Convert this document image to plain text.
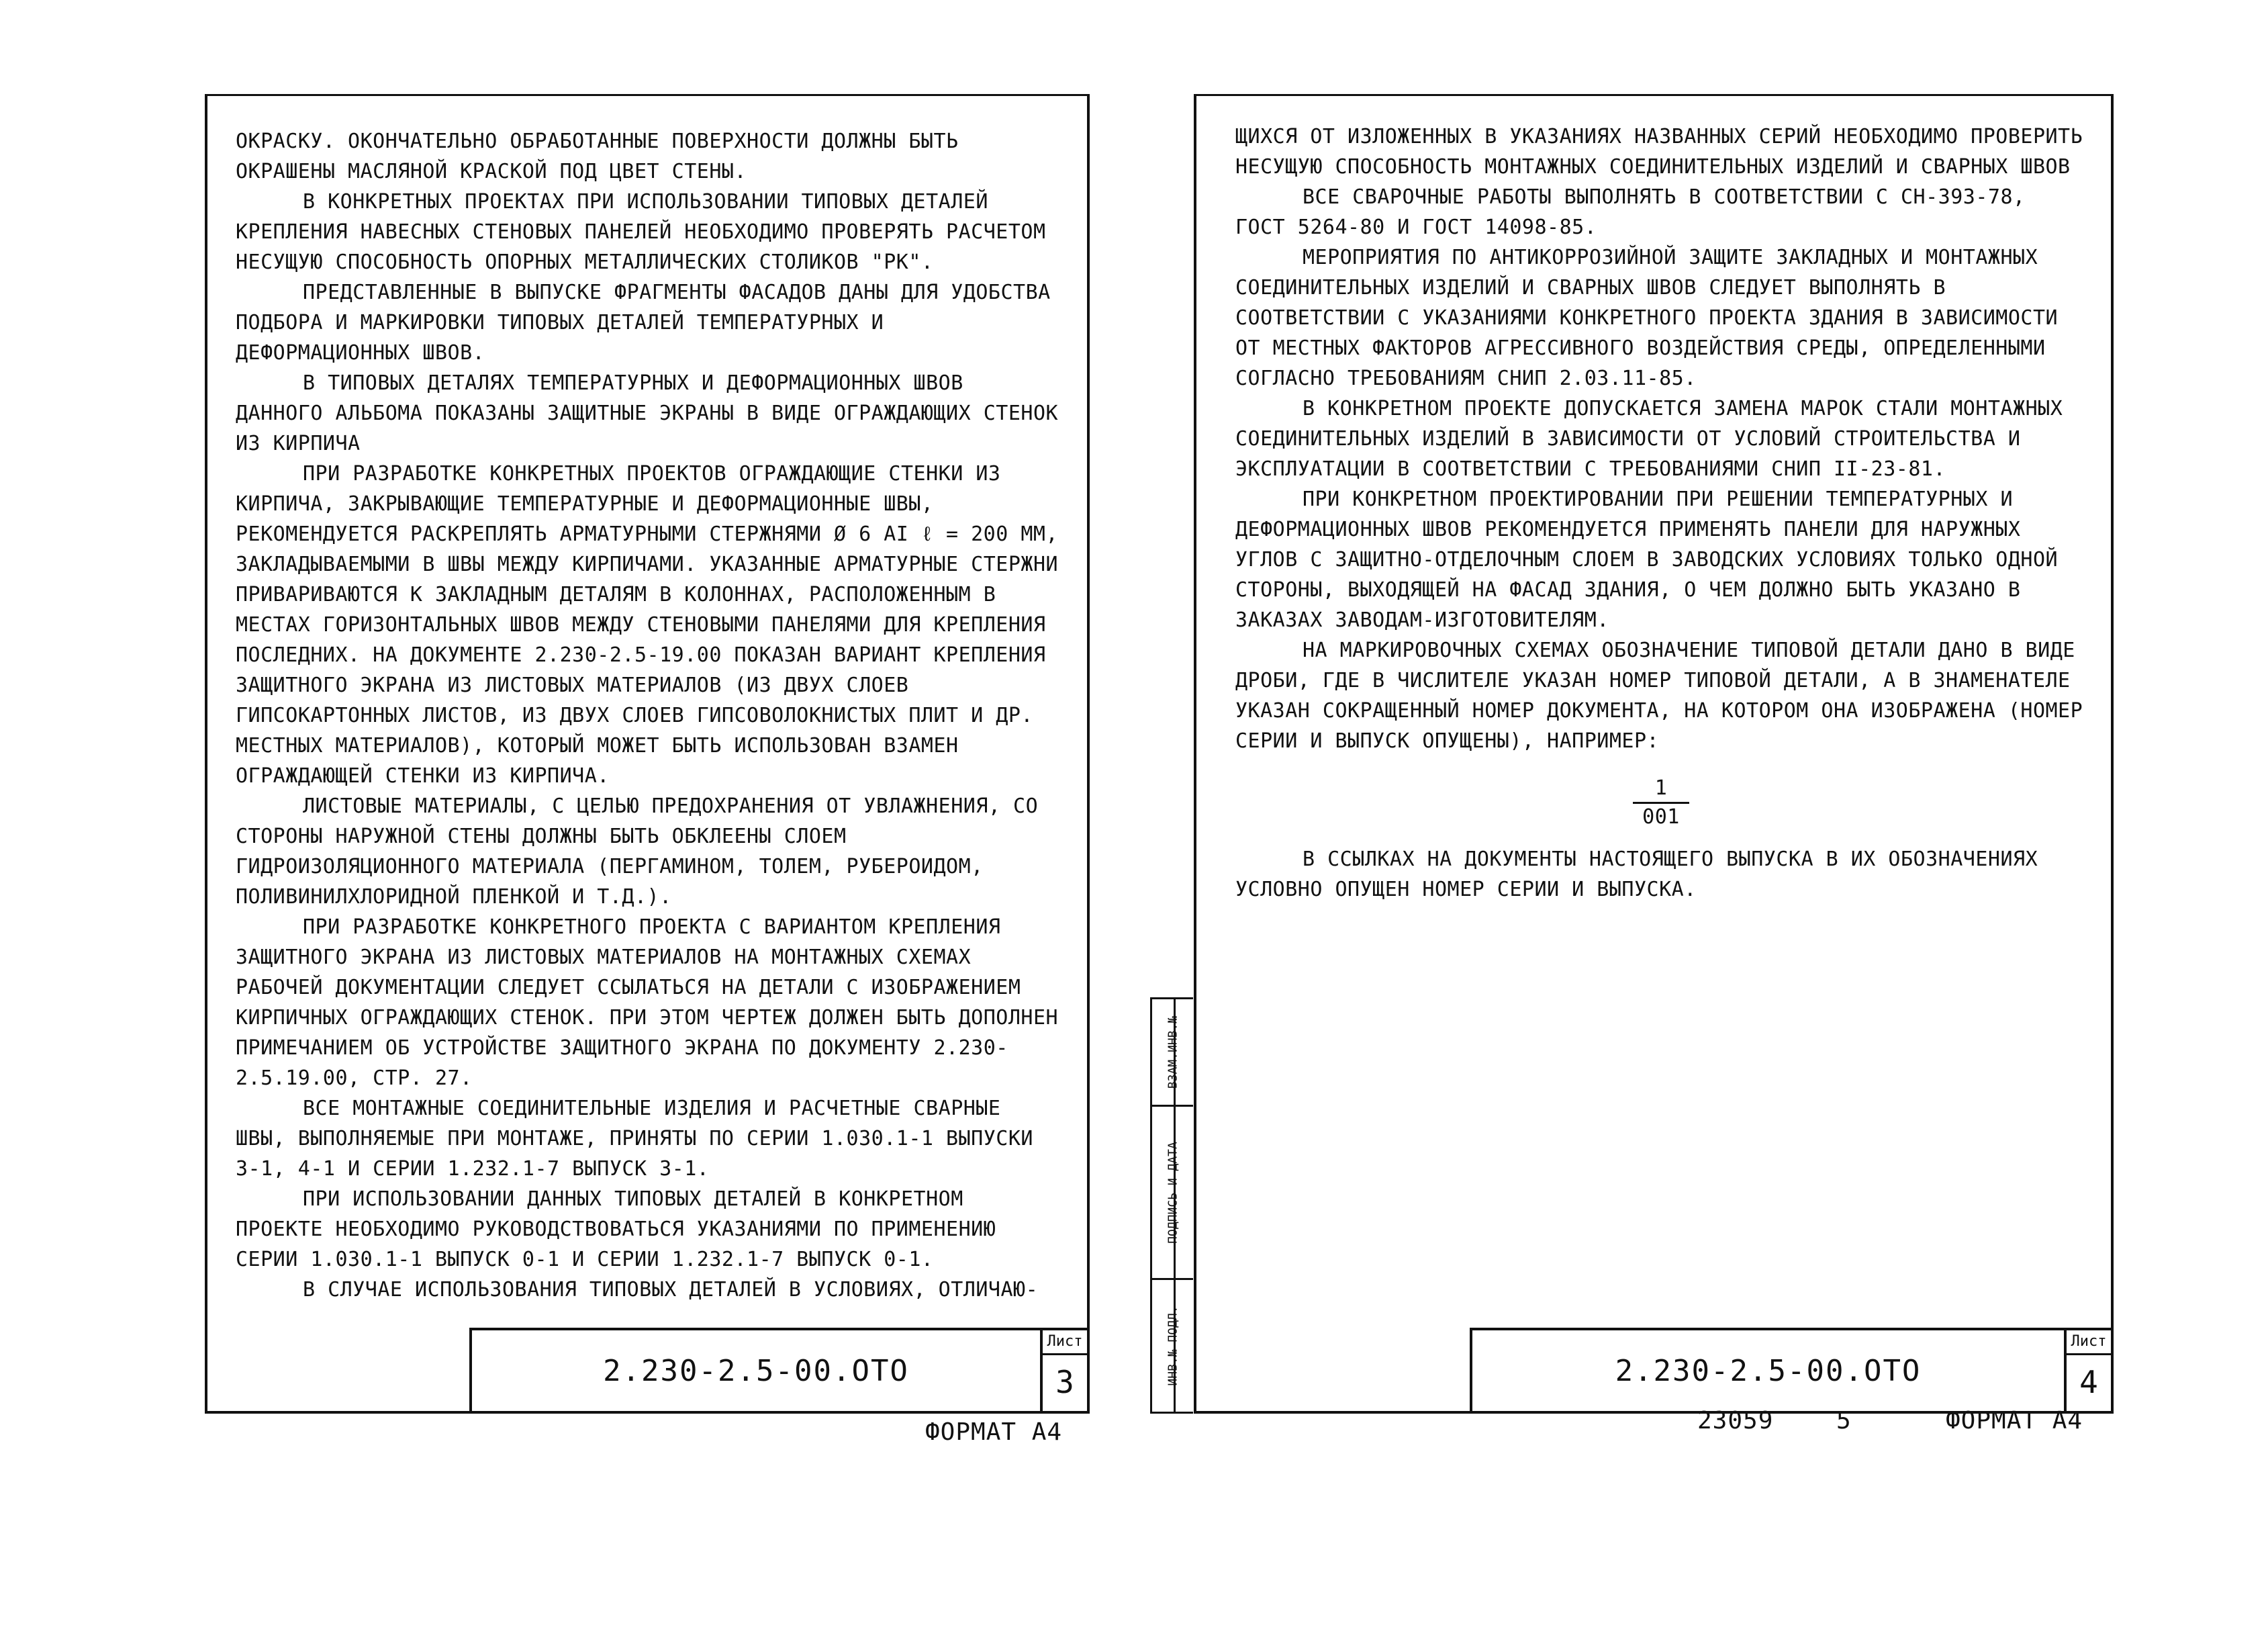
ОКРАСКУ. ОКОНЧАТЕЛЬНО ОБРАБОТАННЫЕ ПОВЕРХНОСТИ ДОЛЖНЫ БЫТЬ ОКРАШЕНЫ МАСЛЯНОЙ КРАСКОЙ ПОД ЦВЕТ СТЕНЫ.

В КОНКРЕТНЫХ ПРОЕКТАХ ПРИ ИСПОЛЬЗОВАНИИ ТИПОВЫХ ДЕТАЛЕЙ КРЕПЛЕНИЯ НАВЕСНЫХ СТЕНОВЫХ ПАНЕЛЕЙ НЕОБХОДИМО ПРОВЕРЯТЬ РАСЧЕТОМ НЕСУЩУЮ СПОСОБНОСТЬ ОПОРНЫХ МЕТАЛЛИЧЕСКИХ СТОЛИКОВ "РК".

ПРЕДСТАВЛЕННЫЕ В ВЫПУСКЕ ФРАГМЕНТЫ ФАСАДОВ ДАНЫ ДЛЯ УДОБСТВА ПОДБОРА И МАРКИРОВКИ ТИПОВЫХ ДЕТАЛЕЙ ТЕМПЕРАТУРНЫХ И ДЕФОРМАЦИОННЫХ ШВОВ.

В ТИПОВЫХ ДЕТАЛЯХ ТЕМПЕРАТУРНЫХ И ДЕФОРМАЦИОННЫХ ШВОВ ДАННОГО АЛЬБОМА ПОКАЗАНЫ ЗАЩИТНЫЕ ЭКРАНЫ В ВИДЕ ОГРАЖДАЮЩИХ СТЕНОК ИЗ КИРПИЧА

ПРИ РАЗРАБОТКЕ КОНКРЕТНЫХ ПРОЕКТОВ ОГРАЖДАЮЩИЕ СТЕНКИ ИЗ КИРПИЧА, ЗАКРЫВАЮЩИЕ ТЕМПЕРАТУРНЫЕ И ДЕФОРМАЦИОННЫЕ ШВЫ, РЕКОМЕНДУЕТСЯ РАСКРЕПЛЯТЬ АРМАТУРНЫМИ СТЕРЖНЯМИ Ø 6 AI ℓ = 200 ММ, ЗАКЛАДЫВАЕМЫМИ В ШВЫ МЕЖДУ КИРПИЧАМИ. УКАЗАННЫЕ АРМАТУРНЫЕ СТЕРЖНИ ПРИВАРИВАЮТСЯ К ЗАКЛАДНЫМ ДЕТАЛЯМ В КОЛОННАХ, РАСПОЛОЖЕННЫМ В МЕСТАХ ГОРИЗОНТАЛЬНЫХ ШВОВ МЕЖДУ СТЕНОВЫМИ ПАНЕЛЯМИ ДЛЯ КРЕПЛЕНИЯ ПОСЛЕДНИХ. НА ДОКУМЕНТЕ 2.230-2.5-19.00 ПОКАЗАН ВАРИАНТ КРЕПЛЕНИЯ ЗАЩИТНОГО ЭКРАНА ИЗ ЛИСТОВЫХ МАТЕРИАЛОВ (ИЗ ДВУХ СЛОЕВ ГИПСОКАРТОННЫХ ЛИСТОВ, ИЗ ДВУХ СЛОЕВ ГИПСОВОЛОКНИСТЫХ ПЛИТ И ДР. МЕСТНЫХ МАТЕРИАЛОВ), КОТОРЫЙ МОЖЕТ БЫТЬ ИСПОЛЬЗОВАН ВЗАМЕН ОГРАЖДАЮЩЕЙ СТЕНКИ ИЗ КИРПИЧА.

ЛИСТОВЫЕ МАТЕРИАЛЫ, С ЦЕЛЬЮ ПРЕДОХРАНЕНИЯ ОТ УВЛАЖНЕНИЯ, СО СТОРОНЫ НАРУЖНОЙ СТЕНЫ ДОЛЖНЫ БЫТЬ ОБКЛЕЕНЫ СЛОЕМ ГИДРОИЗОЛЯЦИОННОГО МАТЕРИАЛА (ПЕРГАМИНОМ, ТОЛЕМ, РУБЕРОИДОМ, ПОЛИВИНИЛХЛОРИДНОЙ ПЛЕНКОЙ И Т.Д.).

ПРИ РАЗРАБОТКЕ КОНКРЕТНОГО ПРОЕКТА С ВАРИАНТОМ КРЕПЛЕНИЯ ЗАЩИТНОГО ЭКРАНА ИЗ ЛИСТОВЫХ МАТЕРИАЛОВ НА МОНТАЖНЫХ СХЕМАХ РАБОЧЕЙ ДОКУМЕНТАЦИИ СЛЕДУЕТ ССЫЛАТЬСЯ НА ДЕТАЛИ С ИЗОБРАЖЕНИЕМ КИРПИЧНЫХ ОГРАЖДАЮЩИХ СТЕНОК. ПРИ ЭТОМ ЧЕРТЕЖ ДОЛЖЕН БЫТЬ ДОПОЛНЕН ПРИМЕЧАНИЕМ ОБ УСТРОЙСТВЕ ЗАЩИТНОГО ЭКРАНА ПО ДОКУМЕНТУ 2.230-2.5.19.00, СТР. 27.

ВСЕ МОНТАЖНЫЕ СОЕДИНИТЕЛЬНЫЕ ИЗДЕЛИЯ И РАСЧЕТНЫЕ СВАРНЫЕ ШВЫ, ВЫПОЛНЯЕМЫЕ ПРИ МОНТАЖЕ, ПРИНЯТЫ ПО СЕРИИ 1.030.1-1 ВЫПУСКИ 3-1, 4-1 И СЕРИИ 1.232.1-7 ВЫПУСК 3-1.

ПРИ ИСПОЛЬЗОВАНИИ ДАННЫХ ТИПОВЫХ ДЕТАЛЕЙ В КОНКРЕТНОМ ПРОЕКТЕ НЕОБХОДИМО РУКОВОДСТВОВАТЬСЯ УКАЗАНИЯМИ ПО ПРИМЕНЕНИЮ СЕРИИ 1.030.1-1 ВЫПУСК 0-1 И СЕРИИ 1.232.1-7 ВЫПУСК 0-1.

В СЛУЧАЕ ИСПОЛЬЗОВАНИЯ ТИПОВЫХ ДЕТАЛЕЙ В УСЛОВИЯХ, ОТЛИЧАЮ-

2.230-2.5-00.ОТО
Лист
3
ФОРМАТ А4
ВЗАМ.ИНВ.№
ПОДПИСЬ И ДАТА
ИНВ.№ ПОДЛ.

ЩИХСЯ ОТ ИЗЛОЖЕННЫХ В УКАЗАНИЯХ НАЗВАННЫХ СЕРИЙ НЕОБХОДИМО ПРОВЕРИТЬ НЕСУЩУЮ СПОСОБНОСТЬ МОНТАЖНЫХ СОЕДИНИТЕЛЬНЫХ ИЗДЕЛИЙ И СВАРНЫХ ШВОВ

ВСЕ СВАРОЧНЫЕ РАБОТЫ ВЫПОЛНЯТЬ В СООТВЕТСТВИИ С СН-393-78, ГОСТ 5264-80 И ГОСТ 14098-85.

МЕРОПРИЯТИЯ ПО АНТИКОРРОЗИЙНОЙ ЗАЩИТЕ ЗАКЛАДНЫХ И МОНТАЖНЫХ СОЕДИНИТЕЛЬНЫХ ИЗДЕЛИЙ И СВАРНЫХ ШВОВ СЛЕДУЕТ ВЫПОЛНЯТЬ В СООТВЕТСТВИИ С УКАЗАНИЯМИ КОНКРЕТНОГО ПРОЕКТА ЗДАНИЯ В ЗАВИСИМОСТИ ОТ МЕСТНЫХ ФАКТОРОВ АГРЕССИВНОГО ВОЗДЕЙСТВИЯ СРЕДЫ, ОПРЕДЕЛЕННЫМИ СОГЛАСНО ТРЕБОВАНИЯМ СНИП 2.03.11-85.

В КОНКРЕТНОМ ПРОЕКТЕ ДОПУСКАЕТСЯ ЗАМЕНА МАРОК СТАЛИ МОНТАЖНЫХ СОЕДИНИТЕЛЬНЫХ ИЗДЕЛИЙ В ЗАВИСИМОСТИ ОТ УСЛОВИЙ СТРОИТЕЛЬСТВА И ЭКСПЛУАТАЦИИ В СООТВЕТСТВИИ С ТРЕБОВАНИЯМИ СНИП II-23-81.

ПРИ КОНКРЕТНОМ ПРОЕКТИРОВАНИИ ПРИ РЕШЕНИИ ТЕМПЕРАТУРНЫХ И ДЕФОРМАЦИОННЫХ ШВОВ РЕКОМЕНДУЕТСЯ ПРИМЕНЯТЬ ПАНЕЛИ ДЛЯ НАРУЖНЫХ УГЛОВ С ЗАЩИТНО-ОТДЕЛОЧНЫМ СЛОЕМ В ЗАВОДСКИХ УСЛОВИЯХ ТОЛЬКО ОДНОЙ СТОРОНЫ, ВЫХОДЯЩЕЙ НА ФАСАД ЗДАНИЯ, О ЧЕМ ДОЛЖНО БЫТЬ УКАЗАНО В ЗАКАЗАХ ЗАВОДАМ-ИЗГОТОВИТЕЛЯМ.

НА МАРКИРОВОЧНЫХ СХЕМАХ ОБОЗНАЧЕНИЕ ТИПОВОЙ ДЕТАЛИ ДАНО В ВИДЕ ДРОБИ, ГДЕ В ЧИСЛИТЕЛЕ УКАЗАН НОМЕР ТИПОВОЙ ДЕТАЛИ, А В ЗНАМЕНАТЕЛЕ УКАЗАН СОКРАЩЕННЫЙ НОМЕР ДОКУМЕНТА, НА КОТОРОМ ОНА ИЗОБРАЖЕНА (НОМЕР СЕРИИ И ВЫПУСК ОПУЩЕНЫ), НАПРИМЕР:

$\frac{1}{001}$

В ССЫЛКАХ НА ДОКУМЕНТЫ НАСТОЯЩЕГО ВЫПУСКА В ИХ ОБОЗНАЧЕНИЯХ УСЛОВНО ОПУЩЕН НОМЕР СЕРИИ И ВЫПУСКА.

2.230-2.5-00.ОТО
Лист
4
23059	5	ФОРМАТ А4
